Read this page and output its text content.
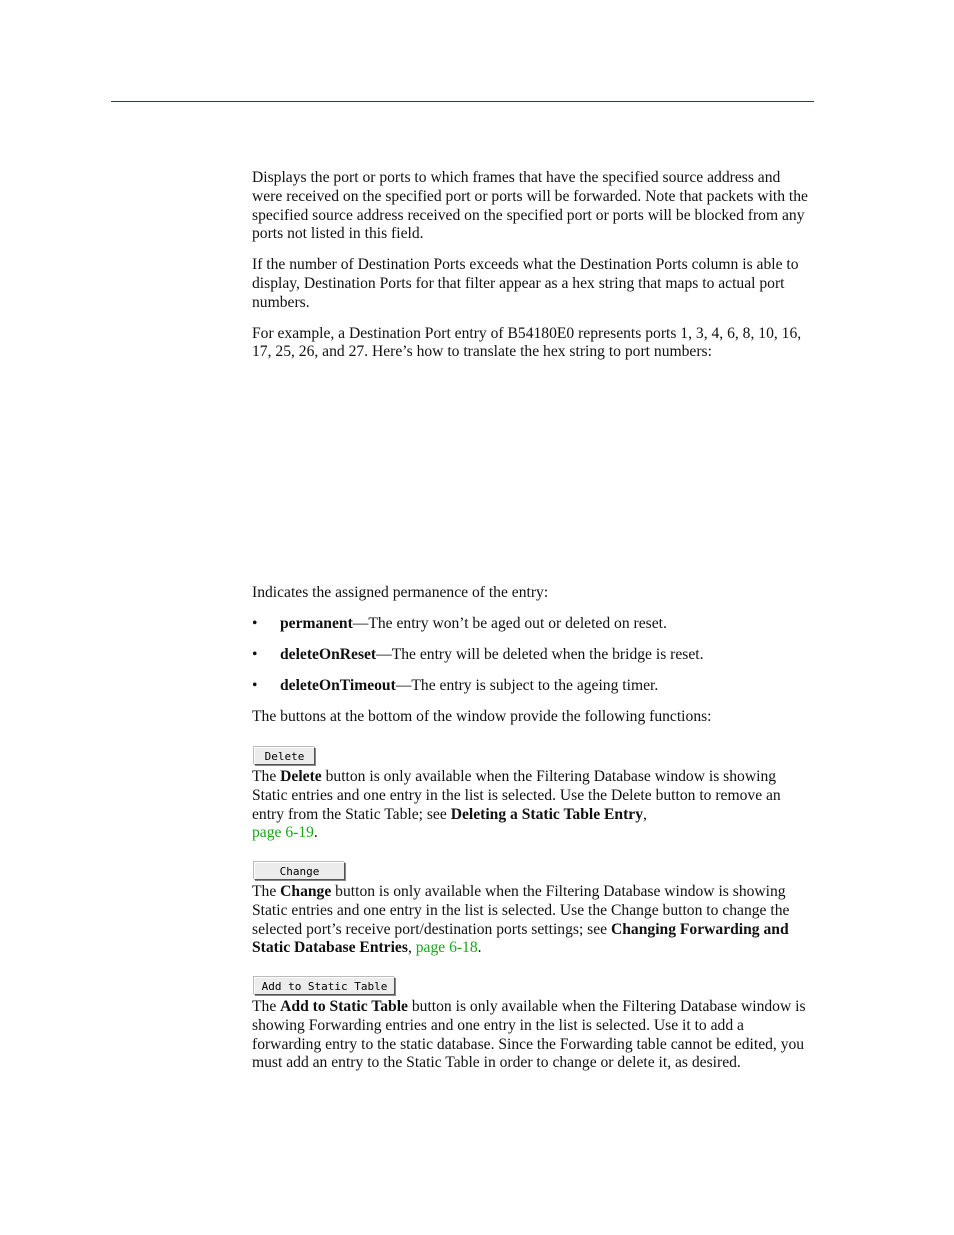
Displays the port or ports to which frames that have the specified source address and were received on the specified port or ports will be forwarded. Note that packets with the specified source address received on the specified port or ports will be blocked from any ports not listed in this field.

If the number of Destination Ports exceeds what the Destination Ports column is able to display, Destination Ports for that filter appear as a hex string that maps to actual port numbers.

For example, a Destination Port entry of B54180E0 represents ports 1, 3, 4, 6, 8, 10, 16, 17, 25, 26, and 27. Here’s how to translate the hex string to port numbers:

Indicates the assigned permanence of the entry:
• permanent—The entry won’t be aged out or deleted on reset.
• deleteOnReset—The entry will be deleted when the bridge is reset.
• deleteOnTimeout—The entry is subject to the ageing timer.
The buttons at the bottom of the window provide the following functions:
Delete

The Delete button is only available when the Filtering Database window is showing Static entries and one entry in the list is selected. Use the Delete button to remove an entry from the Static Table; see Deleting a Static Table Entry,
page 6-19.

Change

The Change button is only available when the Filtering Database window is showing Static entries and one entry in the list is selected. Use the Change button to change the selected port’s receive port/destination ports settings; see Changing Forwarding and Static Database Entries, page 6-18.

Add to Static Table

The Add to Static Table button is only available when the Filtering Database window is showing Forwarding entries and one entry in the list is selected. Use it to add a forwarding entry to the static database. Since the Forwarding table cannot be edited, you must add an entry to the Static Table in order to change or delete it, as desired.
